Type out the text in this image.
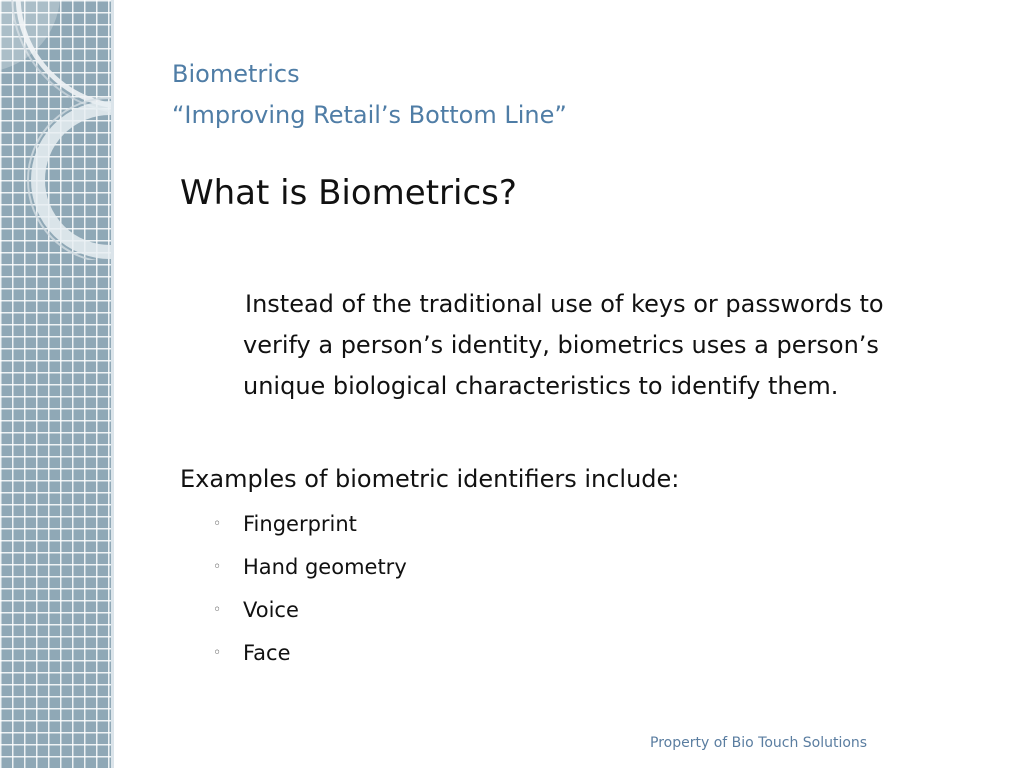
Biometrics
“Improving Retail’s Bottom Line”
What is Biometrics?
Instead of the traditional use of keys or passwords to
verify a person’s identity, biometrics uses a person’s
unique biological characteristics to identify them.
Examples of biometric identifiers include:
◦ Fingerprint
◦ Hand geometry
◦ Voice
◦ Face
Property of Bio Touch Solutions
